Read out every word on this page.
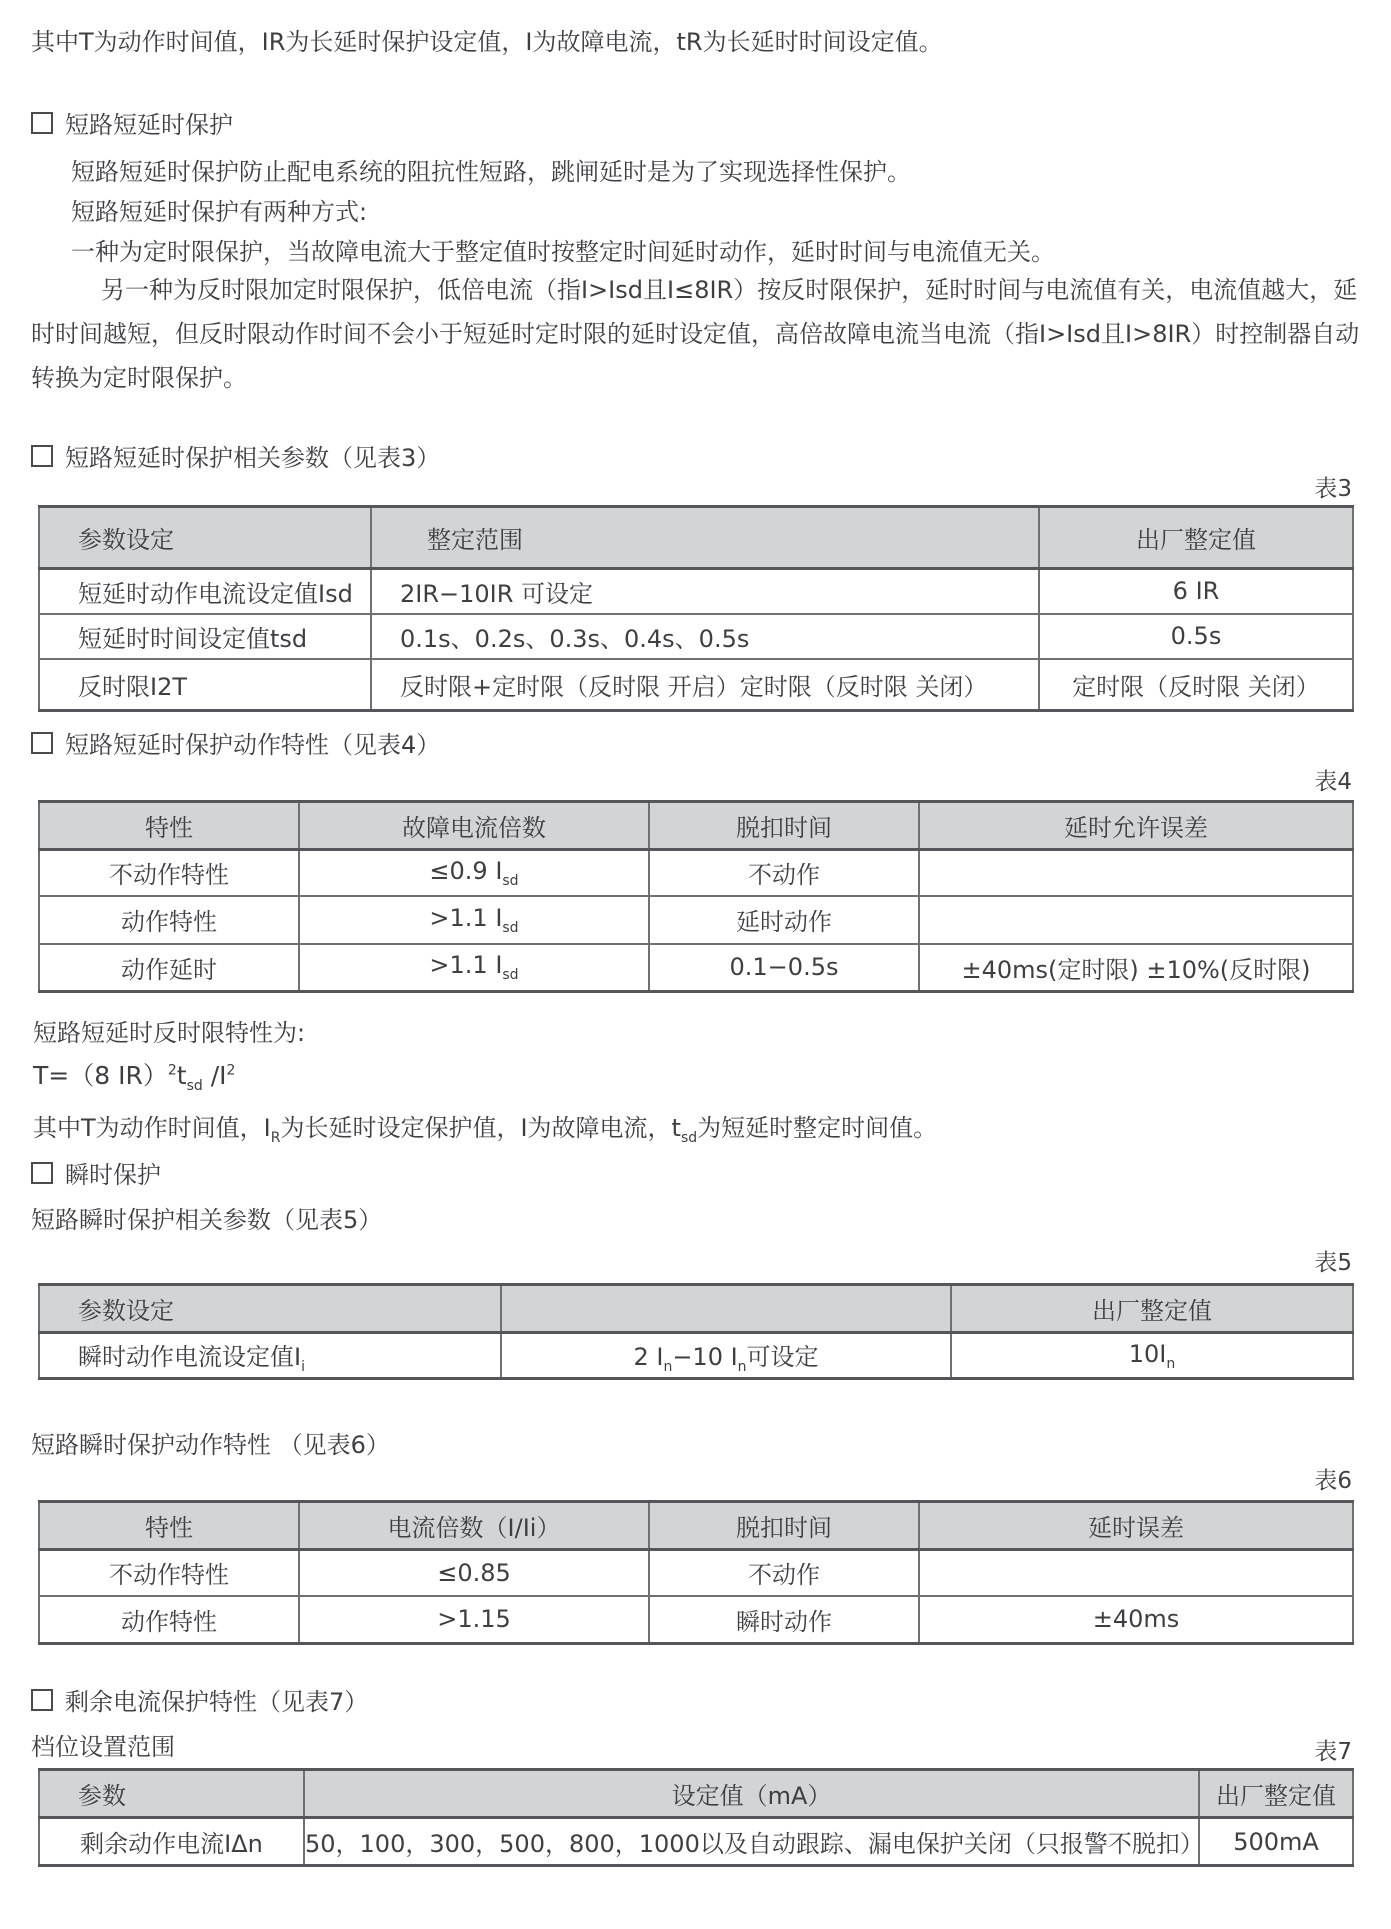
其中T为动作时间值，IR为长延时保护设定值，I为故障电流，tR为长延时时间设定值。

短路短延时保护

短路短延时保护防止配电系统的阻抗性短路，跳闸延时是为了实现选择性保护。

短路短延时保护有两种方式:

一种为定时限保护，当故障电流大于整定值时按整定时间延时动作，延时时间与电流值无关。

另一种为反时限加定时限保护，低倍电流（指I>Isd且I≤8IR）按反时限保护，延时时间与电流值有关，电流值越大，延时时间越短，但反时限动作时间不会小于短延时定时限的延时设定值，高倍故障电流当电流（指I>Isd且I>8IR）时控制器自动转换为定时限保护。

短路短延时保护相关参数（见表3）
表3
参数设定	整定范围	出厂整定值
短延时动作电流设定值Isd	2IR−10IR 可设定	6 IR
短延时时间设定值tsd	0.1s、0.2s、0.3s、0.4s、0.5s	0.5s
反时限I2T	反时限+定时限（反时限 开启）定时限（反时限 关闭）	定时限（反时限 关闭）
短路短延时保护动作特性（见表4）
表4
特性	故障电流倍数	脱扣时间	延时允许误差
不动作特性	≤0.9 $I_{sd}$	不动作	
动作特性	>1.1 $I_{sd}$	延时动作	
动作延时	>1.1 $I_{sd}$	0.1−0.5s	±40ms(定时限) ±10%(反时限)

短路短延时反时限特性为:

T=（8 $IR)^2t_{sd}$ $/I^2$

其中T为动作时间值，$I_R$为长延时设定保护值，I为故障电流，$t_{sd}$为短延时整定时间值。

瞬时保护

短路瞬时保护相关参数（见表5）

表5
参数设定		出厂整定值
瞬时动作电流设定值$I_i$	2 $I_n-10$ $I_n$可设定	$10I_n$

短路瞬时保护动作特性 （见表6）

表6
特性	电流倍数（I/Ii）	脱扣时间	延时误差
不动作特性	≤0.85	不动作	
动作特性	>1.15	瞬时动作	±40ms
剩余电流保护特性（见表7）

档位设置范围	表7
参数	设定值（mA）	出厂整定值
剩余动作电流IΔn	50，100，300，500，800，1000以及自动跟踪、漏电保护关闭（只报警不脱扣）	500mA
